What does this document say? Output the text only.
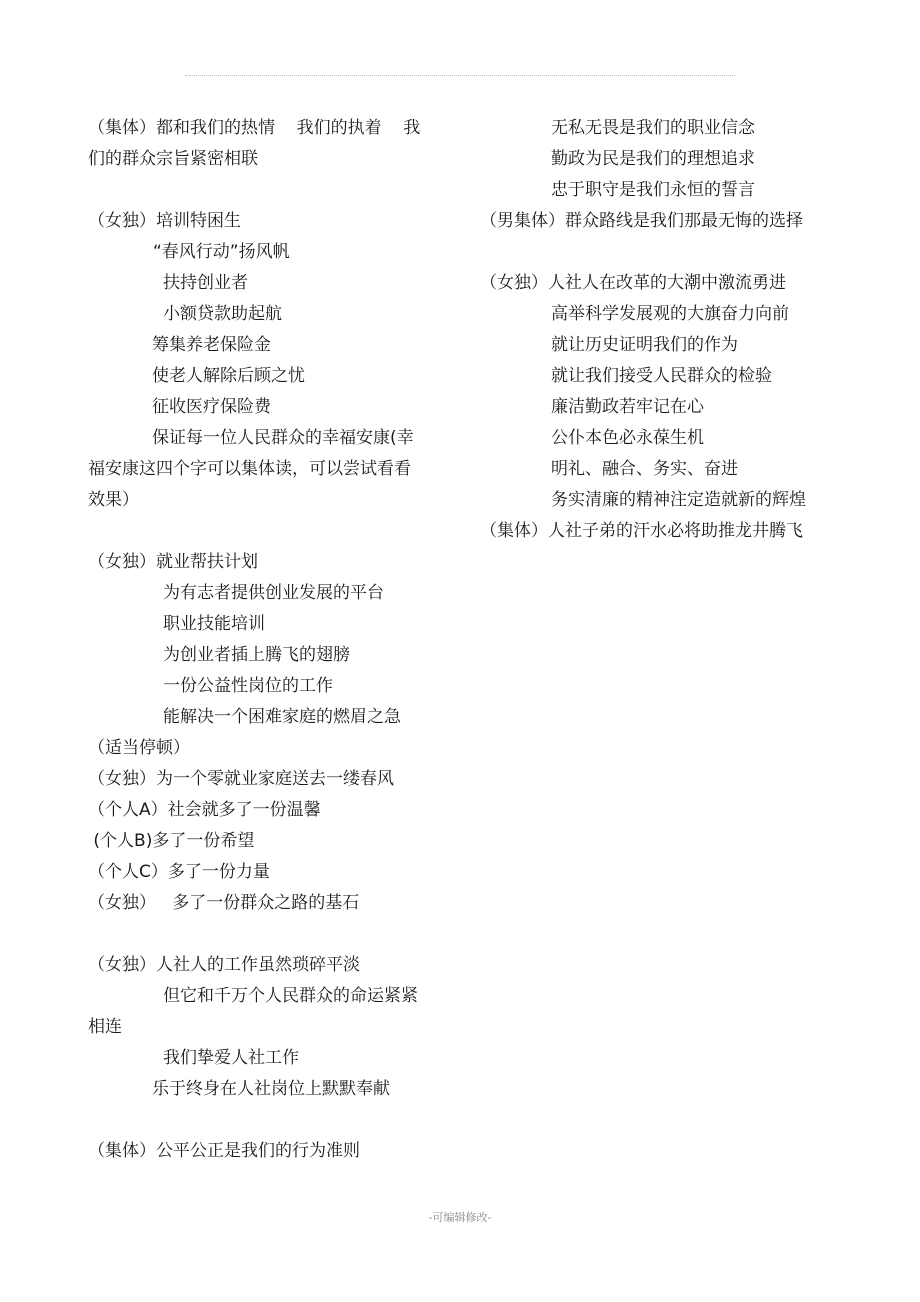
（集体）都和我们的热情    我们的执着    我
们的群众宗旨紧密相联
（女独）培训特困生
“春风行动”扬风帆
扶持创业者
小额贷款助起航
筹集养老保险金
使老人解除后顾之忧
征收医疗保险费
保证每一位人民群众的幸福安康(幸
福安康这四个字可以集体读，可以尝试看看
效果）
（女独）就业帮扶计划
为有志者提供创业发展的平台
职业技能培训
为创业者插上腾飞的翅膀
一份公益性岗位的工作
能解决一个困难家庭的燃眉之急
（适当停顿）
（女独）为一个零就业家庭送去一缕春风
（个人A）社会就多了一份温馨
(个人B)多了一份希望
（个人C）多了一份力量
（女独）   多了一份群众之路的基石
（女独）人社人的工作虽然琐碎平淡
但它和千万个人民群众的命运紧紧
相连
我们挚爱人社工作
乐于终身在人社岗位上默默奉献
（集体）公平公正是我们的行为准则
无私无畏是我们的职业信念
勤政为民是我们的理想追求
忠于职守是我们永恒的誓言
（男集体）群众路线是我们那最无悔的选择
（女独）人社人在改革的大潮中激流勇进
高举科学发展观的大旗奋力向前
就让历史证明我们的作为
就让我们接受人民群众的检验
廉洁勤政若牢记在心
公仆本色必永葆生机
明礼、融合、务实、奋进
务实清廉的精神注定造就新的辉煌
（集体）人社子弟的汗水必将助推龙井腾飞
-可编辑修改-
